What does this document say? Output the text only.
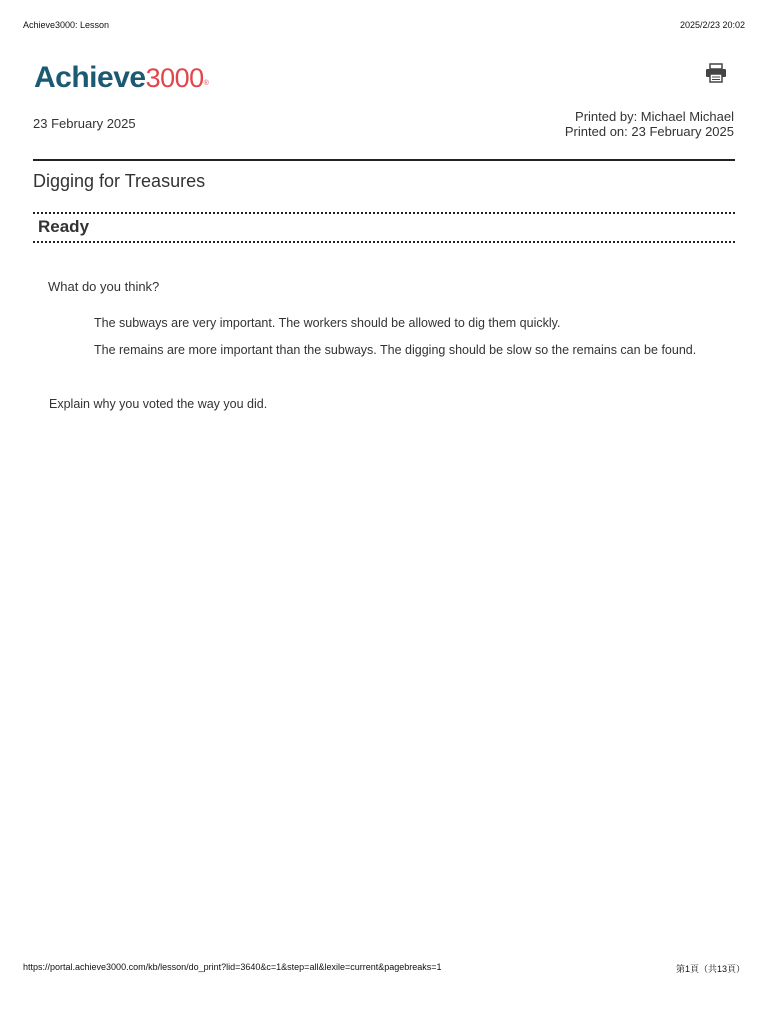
Achieve3000: Lesson	2025/2/23 20:02
Achieve3000®
23 February 2025	Printed by: Michael Michael
Printed on: 23 February 2025
Digging for Treasures
Ready
What do you think?
The subways are very important. The workers should be allowed to dig them quickly.
The remains are more important than the subways. The digging should be slow so the remains can be found.
Explain why you voted the way you did.
https://portal.achieve3000.com/kb/lesson/do_print?lid=3640&c=1&step=all&lexile=current&pagebreaks=1	第1頁（共13頁）
